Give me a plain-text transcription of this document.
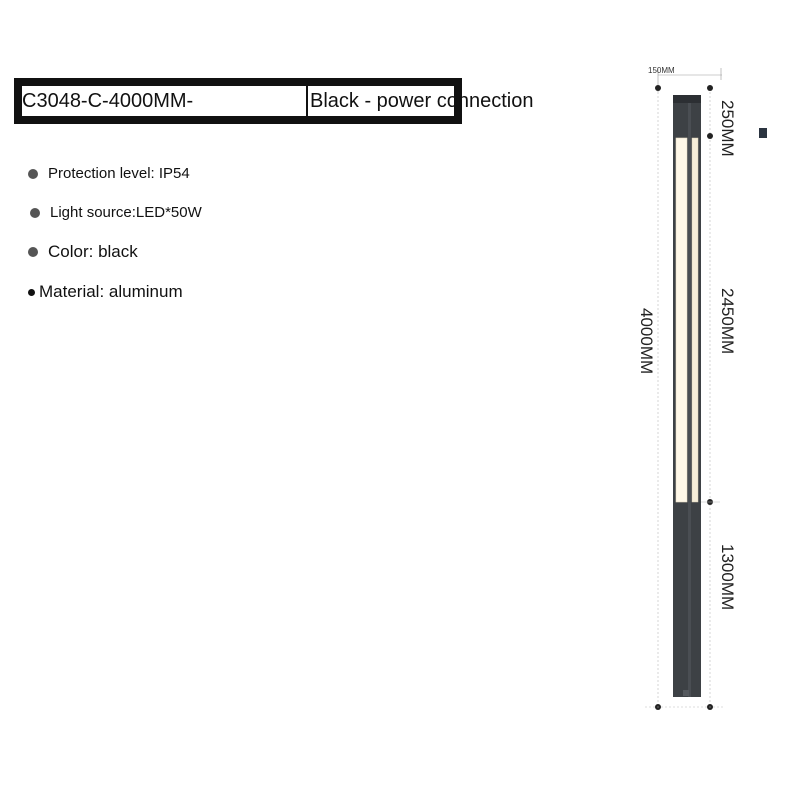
C3048-C-4000MM-	Black - power connection
Protection level: IP54
Light source:LED*50W
Color: black
Material: aluminum
150MM
4000MM
250MM
2450MM
1300MM
